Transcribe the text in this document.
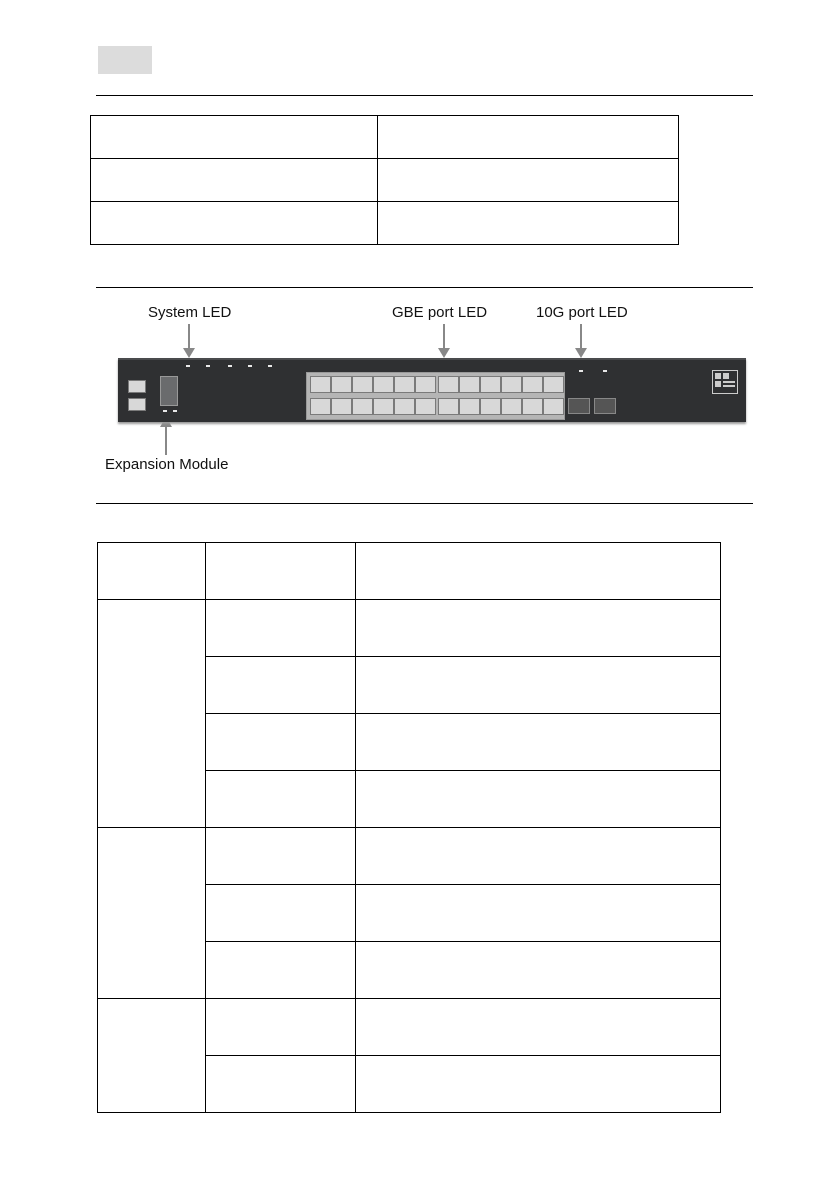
System LED	GBE port LED	10G port LED
Expansion Module
